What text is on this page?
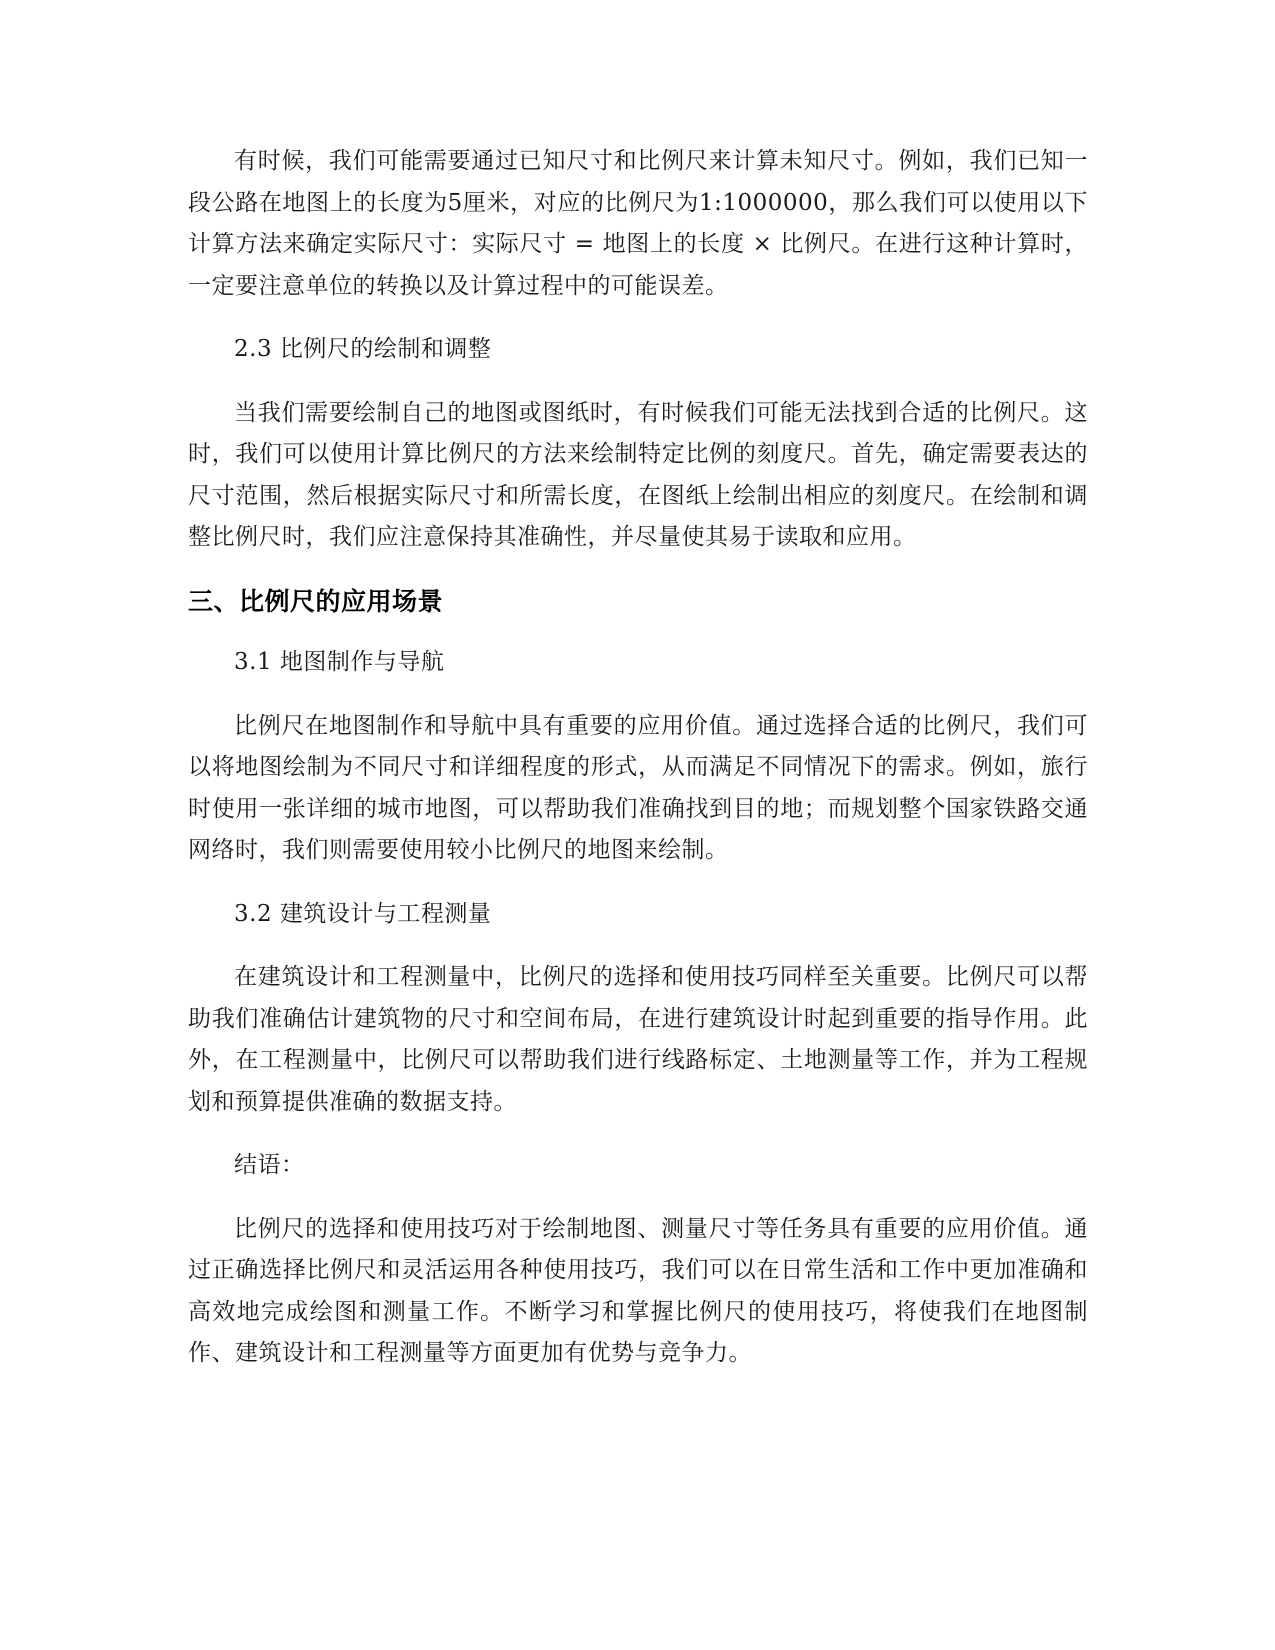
有时候，我们可能需要通过已知尺寸和比例尺来计算未知尺寸。例如，我们已知一段公路在地图上的长度为5厘米，对应的比例尺为1:1000000，那么我们可以使用以下计算方法来确定实际尺寸：实际尺寸 = 地图上的长度 × 比例尺。在进行这种计算时，一定要注意单位的转换以及计算过程中的可能误差。

2.3 比例尺的绘制和调整

当我们需要绘制自己的地图或图纸时，有时候我们可能无法找到合适的比例尺。这时，我们可以使用计算比例尺的方法来绘制特定比例的刻度尺。首先，确定需要表达的尺寸范围，然后根据实际尺寸和所需长度，在图纸上绘制出相应的刻度尺。在绘制和调整比例尺时，我们应注意保持其准确性，并尽量使其易于读取和应用。

三、比例尺的应用场景

3.1 地图制作与导航

比例尺在地图制作和导航中具有重要的应用价值。通过选择合适的比例尺，我们可以将地图绘制为不同尺寸和详细程度的形式，从而满足不同情况下的需求。例如，旅行时使用一张详细的城市地图，可以帮助我们准确找到目的地；而规划整个国家铁路交通网络时，我们则需要使用较小比例尺的地图来绘制。

3.2 建筑设计与工程测量

在建筑设计和工程测量中，比例尺的选择和使用技巧同样至关重要。比例尺可以帮助我们准确估计建筑物的尺寸和空间布局，在进行建筑设计时起到重要的指导作用。此外，在工程测量中，比例尺可以帮助我们进行线路标定、土地测量等工作，并为工程规划和预算提供准确的数据支持。

结语：

比例尺的选择和使用技巧对于绘制地图、测量尺寸等任务具有重要的应用价值。通过正确选择比例尺和灵活运用各种使用技巧，我们可以在日常生活和工作中更加准确和高效地完成绘图和测量工作。不断学习和掌握比例尺的使用技巧，将使我们在地图制作、建筑设计和工程测量等方面更加有优势与竞争力。
